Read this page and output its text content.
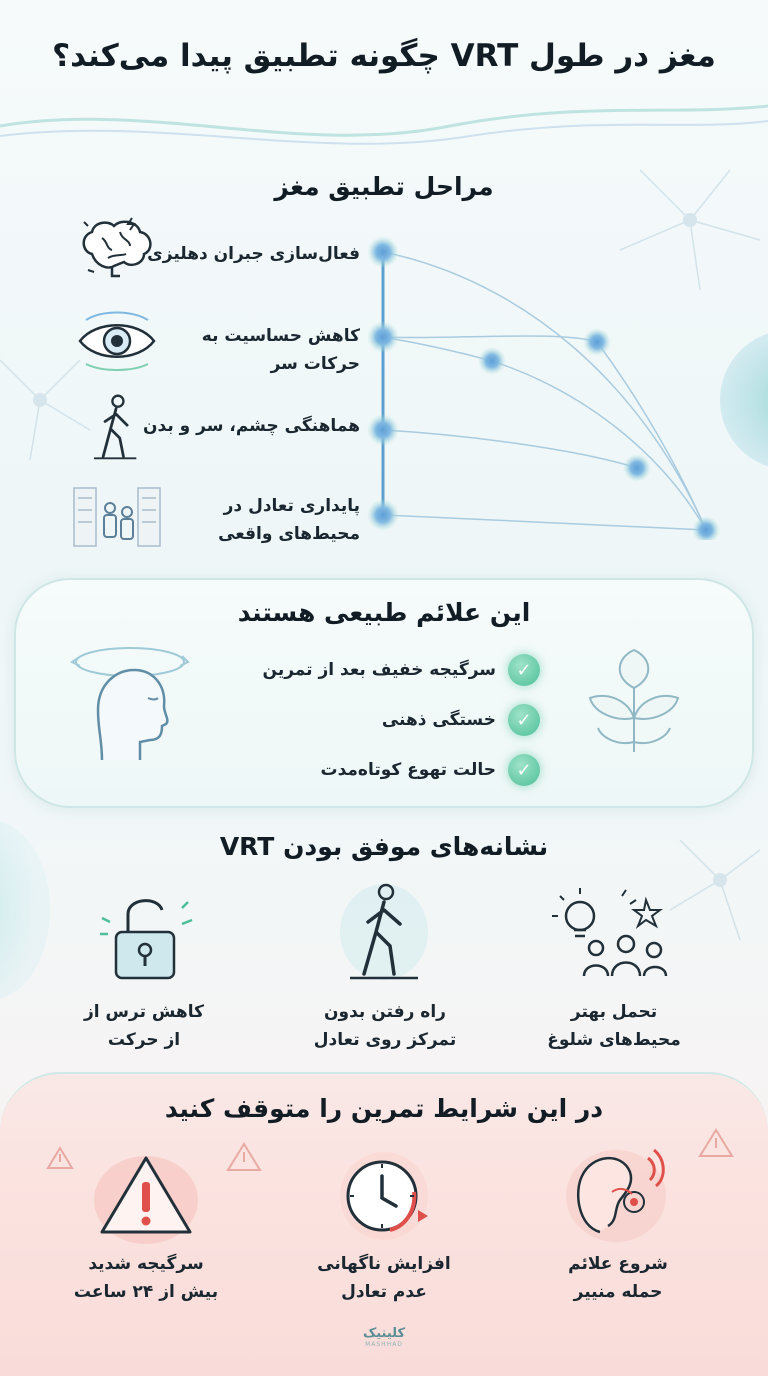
مغز در طول VRT چگونه تطبیق پیدا می‌کند؟
مراحل تطبیق مغز
فعال‌سازی جبران دهلیزی
کاهش حساسیت به
حرکات سر
هماهنگی چشم، سر و بدن
پایداری تعادل در
محیط‌های واقعی
این علائم طبیعی هستند
✓
سرگیجه خفیف بعد از تمرین
✓
خستگی ذهنی
✓
حالت تهوع کوتاه‌مدت
نشانه‌های موفق بودن VRT
تحمل بهتر
محیط‌های شلوغ
راه رفتن بدون
تمرکز روی تعادل
کاهش ترس از
از حرکت
در این شرایط تمرین را متوقف کنید
شروع علائم
حمله منییر
افزایش ناگهانی
عدم تعادل
سرگیجه شدید
بیش از ۲۴ ساعت
کلینیک
MASHHAD
